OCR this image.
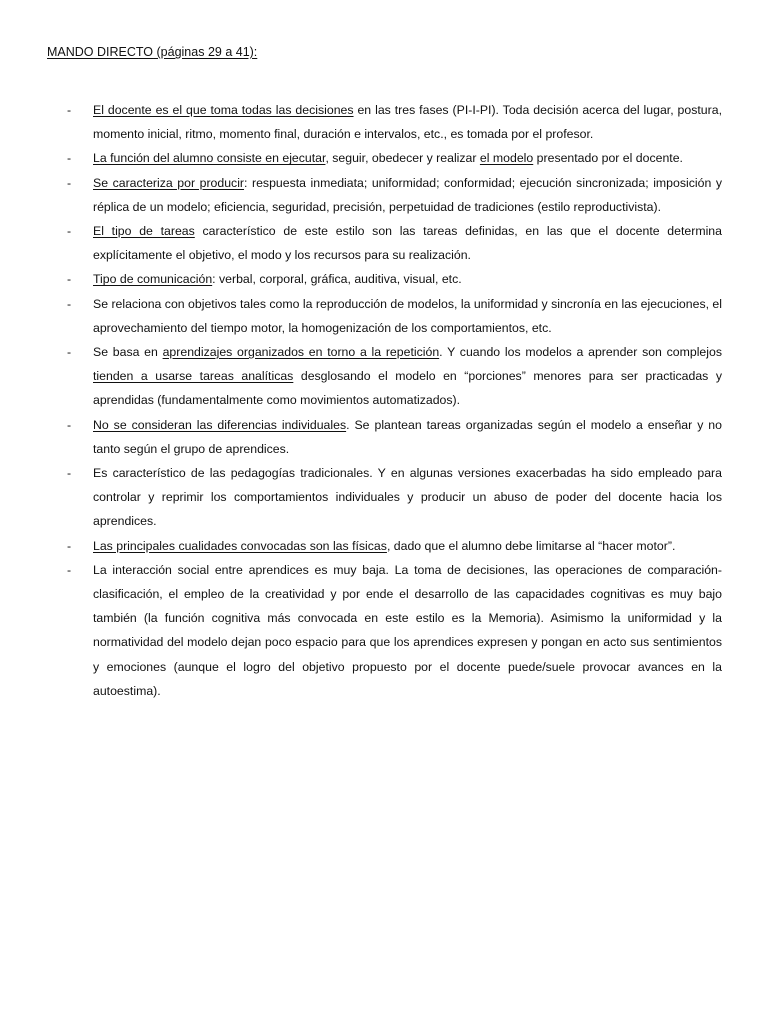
MANDO DIRECTO (páginas 29 a 41):
- El docente es el que toma todas las decisiones en las tres fases (PI-I-PI). Toda decisión acerca del lugar, postura, momento inicial, ritmo, momento final, duración e intervalos, etc., es tomada por el profesor.
- La función del alumno consiste en ejecutar, seguir, obedecer y realizar el modelo presentado por el docente.
- Se caracteriza por producir: respuesta inmediata; uniformidad; conformidad; ejecución sincronizada; imposición y réplica de un modelo; eficiencia, seguridad, precisión, perpetuidad de tradiciones (estilo reproductivista).
- El tipo de tareas característico de este estilo son las tareas definidas, en las que el docente determina explícitamente el objetivo, el modo y los recursos para su realización.
- Tipo de comunicación: verbal, corporal, gráfica, auditiva, visual, etc.
- Se relaciona con objetivos tales como la reproducción de modelos, la uniformidad y sincronía en las ejecuciones, el aprovechamiento del tiempo motor, la homogenización de los comportamientos, etc.
- Se basa en aprendizajes organizados en torno a la repetición. Y cuando los modelos a aprender son complejos tienden a usarse tareas analíticas desglosando el modelo en “porciones” menores para ser practicadas y aprendidas (fundamentalmente como movimientos automatizados).
- No se consideran las diferencias individuales. Se plantean tareas organizadas según el modelo a enseñar y no tanto según el grupo de aprendices.
- Es característico de las pedagogías tradicionales. Y en algunas versiones exacerbadas ha sido empleado para controlar y reprimir los comportamientos individuales y producir un abuso de poder del docente hacia los aprendices.
- Las principales cualidades convocadas son las físicas, dado que el alumno debe limitarse al “hacer motor”.
- La interacción social entre aprendices es muy baja. La toma de decisiones, las operaciones de comparación-clasificación, el empleo de la creatividad y por ende el desarrollo de las capacidades cognitivas es muy bajo también (la función cognitiva más convocada en este estilo es la Memoria). Asimismo la uniformidad y la normatividad del modelo dejan poco espacio para que los aprendices expresen y pongan en acto sus sentimientos y emociones (aunque el logro del objetivo propuesto por el docente puede/suele provocar avances en la autoestima).
